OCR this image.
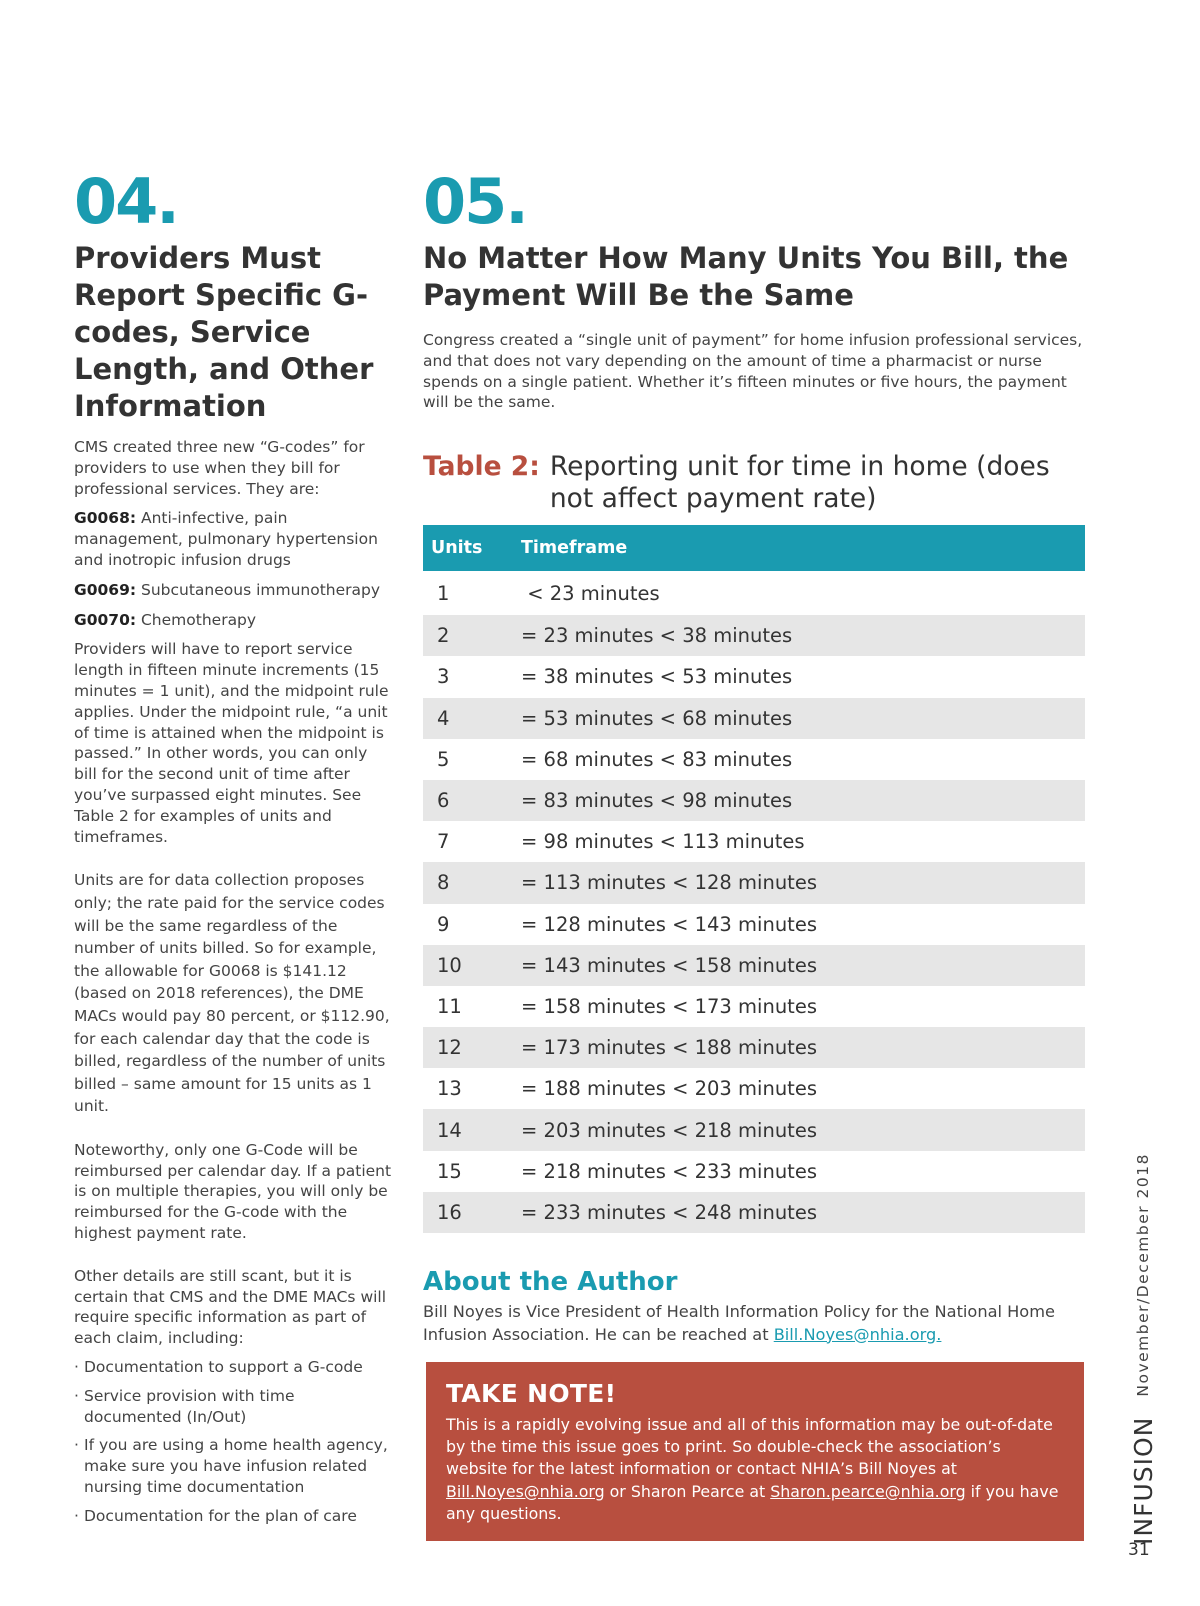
04.
Providers Must Report Specific G-codes, Service Length, and Other Information

CMS created three new “G-codes” for providers to use when they bill for professional services. They are:

G0068: Anti-infective, pain management, pulmonary hypertension and inotropic infusion drugs

G0069: Subcutaneous immunotherapy

G0070: Chemotherapy

Providers will have to report service length in fifteen minute increments (15 minutes = 1 unit), and the midpoint rule applies. Under the midpoint rule, “a unit of time is attained when the midpoint is passed.” In other words, you can only bill for the second unit of time after you’ve surpassed eight minutes. See Table 2 for examples of units and timeframes.

Units are for data collection proposes only; the rate paid for the service codes will be the same regardless of the number of units billed. So for example, the allowable for G0068 is $141.12 (based on 2018 references), the DME MACs would pay 80 percent, or $112.90, for each calendar day that the code is billed, regardless of the number of units billed – same amount for 15 units as 1 unit.

Noteworthy, only one G-Code will be reimbursed per calendar day. If a patient is on multiple therapies, you will only be reimbursed for the G-code with the highest payment rate.

Other details are still scant, but it is certain that CMS and the DME MACs will require specific information as part of each claim, including:

· Documentation to support a G-code
· Service provision with time documented (In/Out)
· If you are using a home health agency, make sure you have infusion related nursing time documentation
· Documentation for the plan of care
05.
No Matter How Many Units You Bill, the Payment Will Be the Same

Congress created a “single unit of payment” for home infusion professional services, and that does not vary depending on the amount of time a pharmacist or nurse spends on a single patient. Whether it’s fifteen minutes or five hours, the payment will be the same.

Table 2: Reporting unit for time in home (does not affect payment rate)
Units	Timeframe
1	< 23 minutes
2	= 23 minutes < 38 minutes
3	= 38 minutes < 53 minutes
4	= 53 minutes < 68 minutes
5	= 68 minutes < 83 minutes
6	= 83 minutes < 98 minutes
7	= 98 minutes < 113 minutes
8	= 113 minutes < 128 minutes
9	= 128 minutes < 143 minutes
10	= 143 minutes < 158 minutes
11	= 158 minutes < 173 minutes
12	= 173 minutes < 188 minutes
13	= 188 minutes < 203 minutes
14	= 203 minutes < 218 minutes
15	= 218 minutes < 233 minutes
16	= 233 minutes < 248 minutes
About the Author

Bill Noyes is Vice President of Health Information Policy for the National Home Infusion Association. He can be reached at Bill.Noyes@nhia.org.

TAKE NOTE!

This is a rapidly evolving issue and all of this information may be out-of-date by the time this issue goes to print. So double-check the association’s website for the latest information or contact NHIA’s Bill Noyes at Bill.Noyes@nhia.org or Sharon Pearce at Sharon.pearce@nhia.org if you have any questions.	INFUSION
November/December 2018
31
